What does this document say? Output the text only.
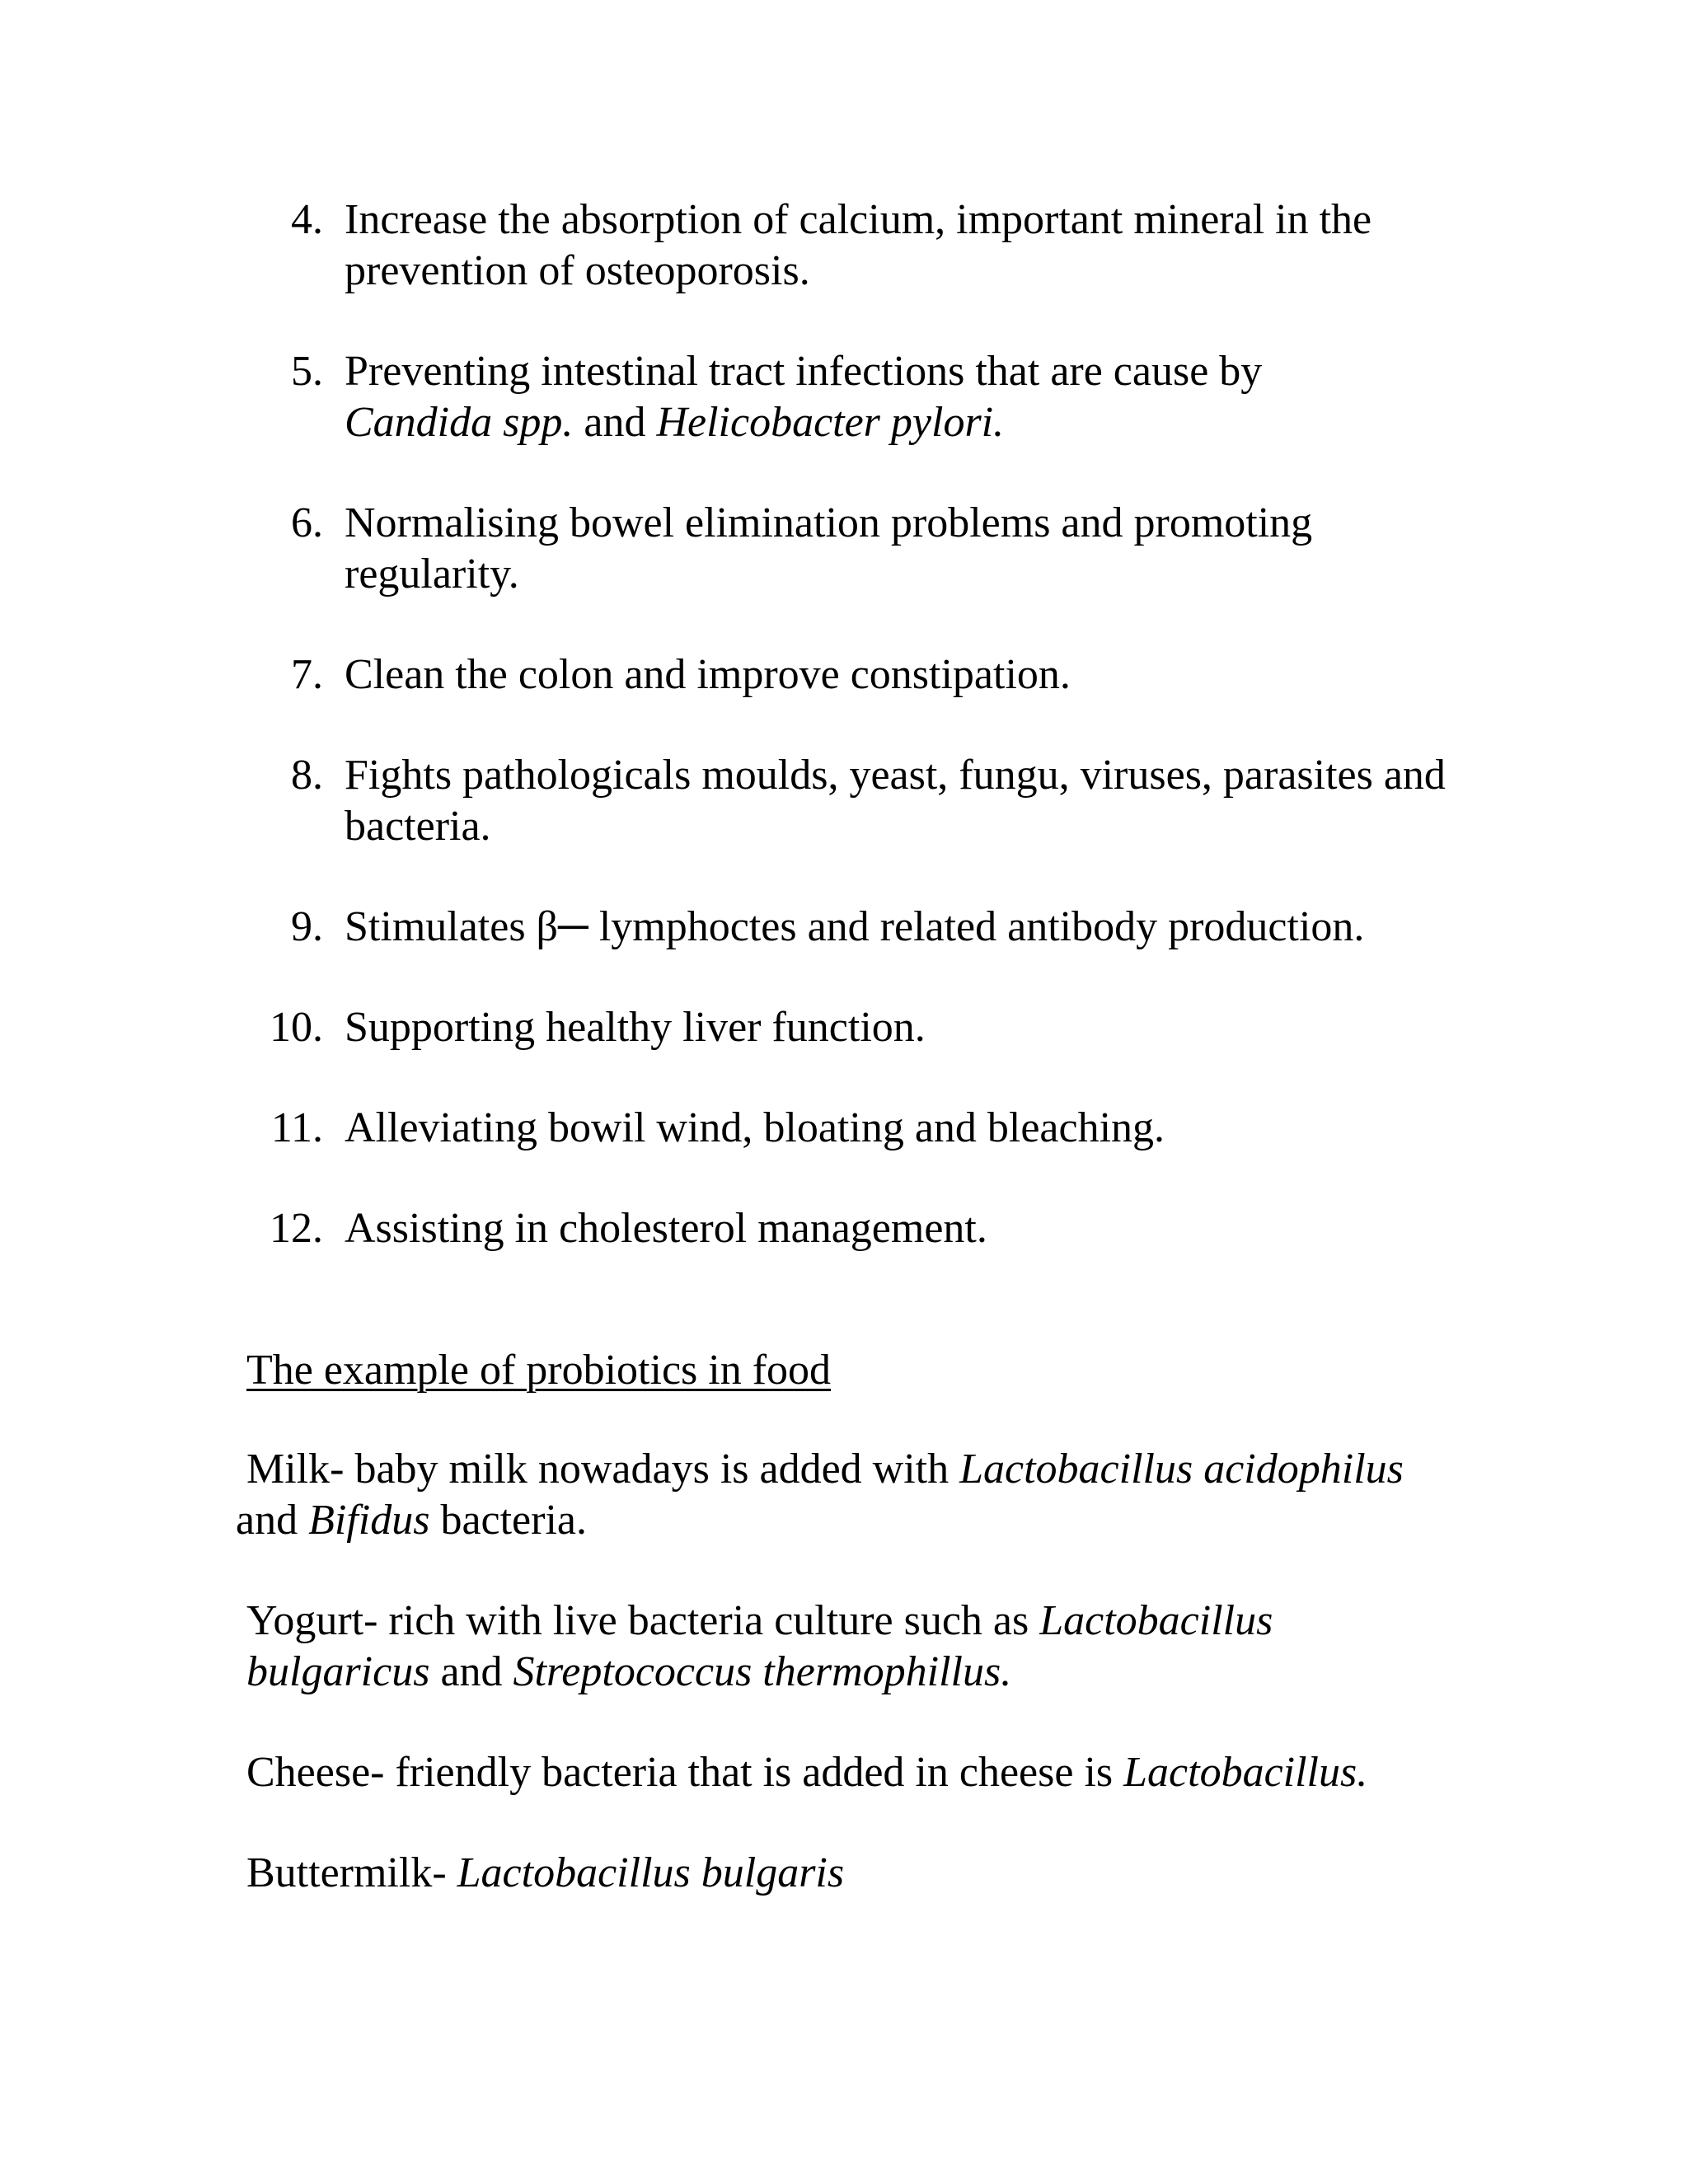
4. Increase the absorption of calcium, important mineral in the prevention of osteoporosis.
5. Preventing intestinal tract infections that are cause by
Candida spp. and Helicobacter pylori.
6. Normalising bowel elimination problems and promoting regularity.
7. Clean the colon and improve constipation.
8. Fights pathologicals moulds, yeast, fungu, viruses, parasites and bacteria.
9. Stimulates β─ lymphoctes and related antibody production.
10. Supporting healthy liver function.
11. Alleviating bowil wind, bloating and bleaching.
12. Assisting in cholesterol management.
The example of probiotics in food

Milk- baby milk nowadays is added with Lactobacillus acidophilus
and Bifidus bacteria.

Yogurt- rich with live bacteria culture such as Lactobacillus bulgaricus and Streptococcus thermophillus.

Cheese- friendly bacteria that is added in cheese is Lactobacillus.

Buttermilk- Lactobacillus bulgaris
